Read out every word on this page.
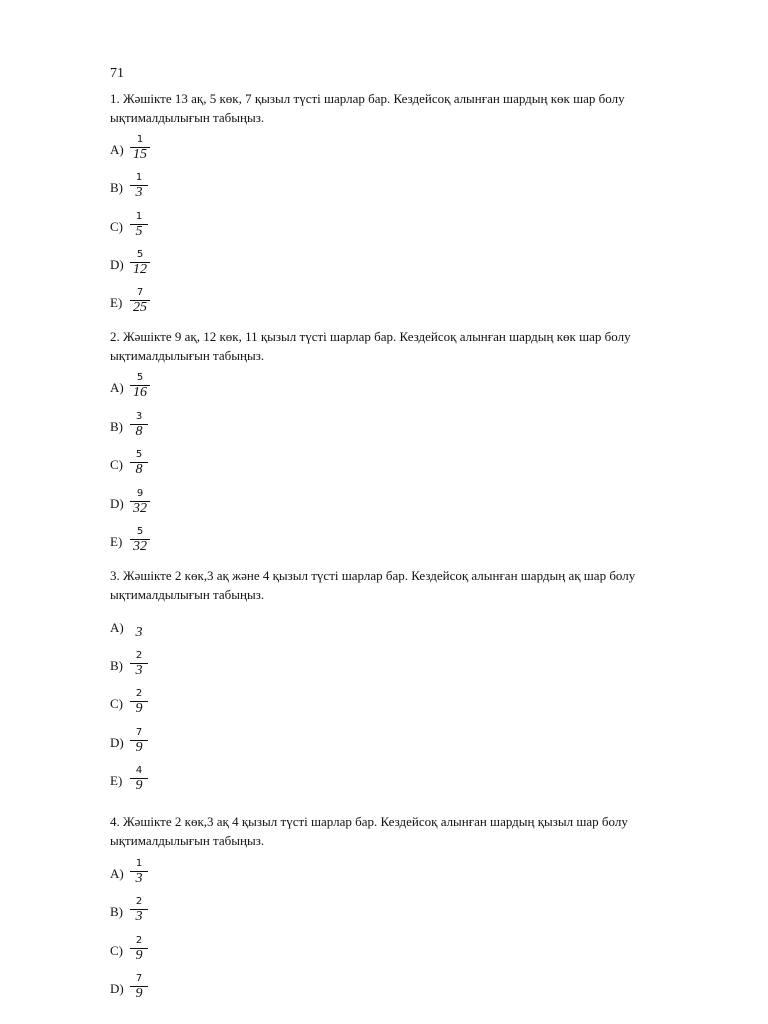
71
1. Жәшікте 13 ақ, 5 көк, 7 қызыл түсті шарлар бар. Кездейсоқ алынған шардың көк шар болу ықтималдылығын табыңыз.
A)
1
15
B)
1
3
C)
1
5
D)
5
12
E)
7
25
2. Жәшікте 9 ақ, 12 көк, 11 қызыл түсті шарлар бар. Кездейсоқ алынған шардың көк шар болу ықтималдылығын табыңыз.
A)
5
16
B)
3
8
C)
5
8
D)
9
32
E)
5
32
3. Жәшікте 2 көк,3 ақ және 4 қызыл түсті шарлар бар. Кездейсоқ алынған шардың ақ шар болу ықтималдылығын табыңыз.
A) 3
B)
2
3
C)
2
9
D)
7
9
E)
4
9
4. Жәшікте 2 көк,3 ақ 4 қызыл түсті шарлар бар. Кездейсоқ алынған шардың қызыл шар болу ықтималдылығын табыңыз.
A)
1
3
B)
2
3
C)
2
9
D)
7
9
